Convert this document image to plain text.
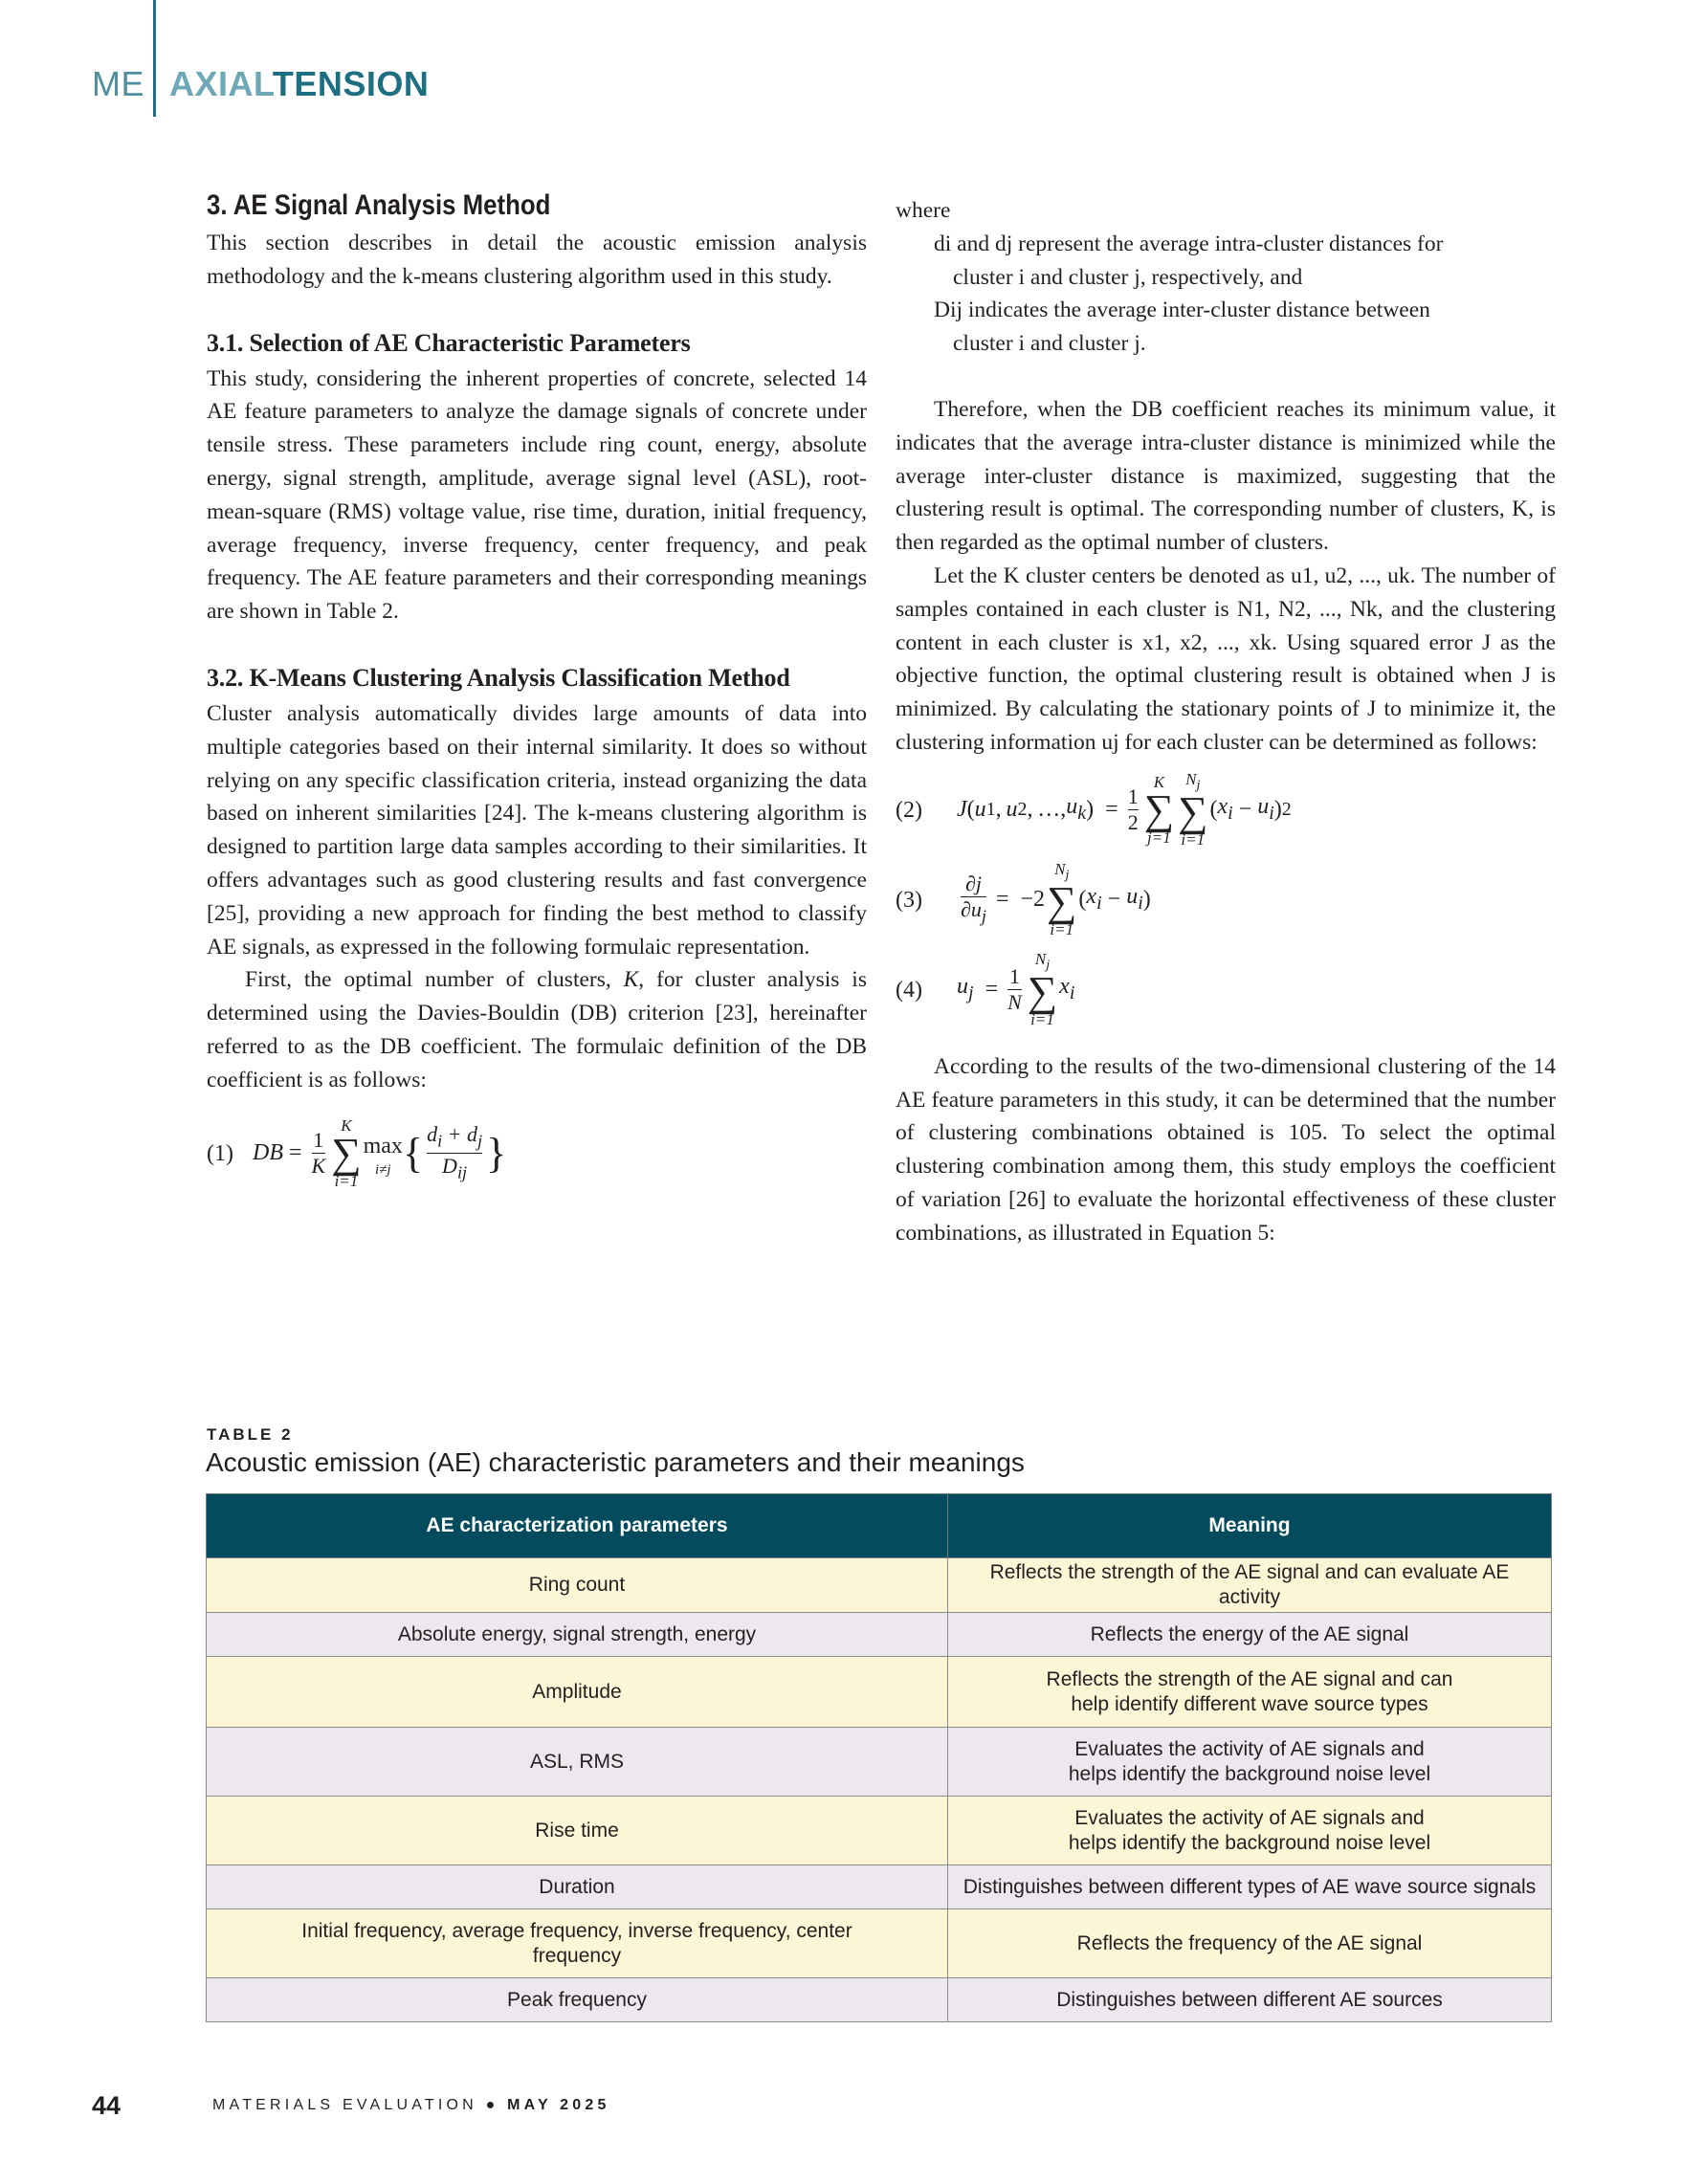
ME AXIALTENSION
3. AE Signal Analysis Method

This section describes in detail the acoustic emission analysis methodology and the k-means clustering algorithm used in this study.

3.1. Selection of AE Characteristic Parameters

This study, considering the inherent properties of concrete, selected 14 AE feature parameters to analyze the damage signals of concrete under tensile stress. These parameters include ring count, energy, absolute energy, signal strength, amplitude, average signal level (ASL), root-mean-square (RMS) voltage value, rise time, duration, initial frequency, average frequency, inverse frequency, center frequency, and peak frequency. The AE feature parameters and their corresponding meanings are shown in Table 2.

3.2. K-Means Clustering Analysis Classification Method

Cluster analysis automatically divides large amounts of data into multiple categories based on their internal similarity. It does so without relying on any specific classification criteria, instead organizing the data based on inherent similarities [24]. The k-means clustering algorithm is designed to partition large data samples according to their similarities. It offers advantages such as good clustering results and fast convergence [25], providing a new approach for finding the best method to classify AE signals, as expressed in the following formulaic representation.

First, the optimal number of clusters, K, for cluster analysis is determined using the Davies-Bouldin (DB) criterion [23], hereinafter referred to as the DB coefficient. The formulaic definition of the DB coefficient is as follows:

(1) DB = $\frac{1}{K}$
K
∑
i=1
max
i≠j { $\frac{d_i + d_j}{D_{ij}}$ }

where

di and dj represent the average intra-cluster distances for

cluster i and cluster j, respectively, and

Dij indicates the average inter-cluster distance between

cluster i and cluster j.

Therefore, when the DB coefficient reaches its minimum value, it indicates that the average intra-cluster distance is minimized while the average inter-cluster distance is maximized, suggesting that the clustering result is optimal. The corresponding number of clusters, K, is then regarded as the optimal number of clusters.

Let the K cluster centers be denoted as u1, u2, ..., uk. The number of samples contained in each cluster is N1, N2, ..., Nk, and the clustering content in each cluster is x1, x2, ..., xk. Using squared error J as the objective function, the optimal clustering result is obtained when J is minimized. By calculating the stationary points of J to minimize it, the clustering information uj for each cluster can be determined as follows:

(2) J ( u 1 ,  u 2 , …, $u_k$ )  = $\frac{1}{2}$
K
∑
j=1
$N_j$
∑
i=1
( $x_i - u_i$ ) 2
$(3) \frac{\partial j}{\partial u_j} = -2$
$N_j$
∑
i=1
( $x_i - u_i$ )
(4) $u_j = \frac{1}{N}$
$N_j$
∑
i=1
$x_i$

According to the results of the two-dimensional clustering of the 14 AE feature parameters in this study, it can be determined that the number of clustering combinations obtained is 105. To select the optimal clustering combination among them, this study employs the coefficient of variation [26] to evaluate the horizontal effectiveness of these cluster combinations, as illustrated in Equation 5:

TABLE 2
Acoustic emission (AE) characteristic parameters and their meanings
AE characterization parameters	Meaning
Ring count	Reflects the strength of the AE signal and can evaluate AE activity
Absolute energy, signal strength, energy	Reflects the energy of the AE signal
Amplitude	Reflects the strength of the AE signal and can help identify different wave source types
ASL, RMS	Evaluates the activity of AE signals and helps identify the background noise level
Rise time	Evaluates the activity of AE signals and helps identify the background noise level
Duration	Distinguishes between different types of AE wave source signals
Initial frequency, average frequency, inverse frequency, center frequency	Reflects the frequency of the AE signal
Peak frequency	Distinguishes between different AE sources
44	MATERIALS EVALUATION ● MAY 2025
